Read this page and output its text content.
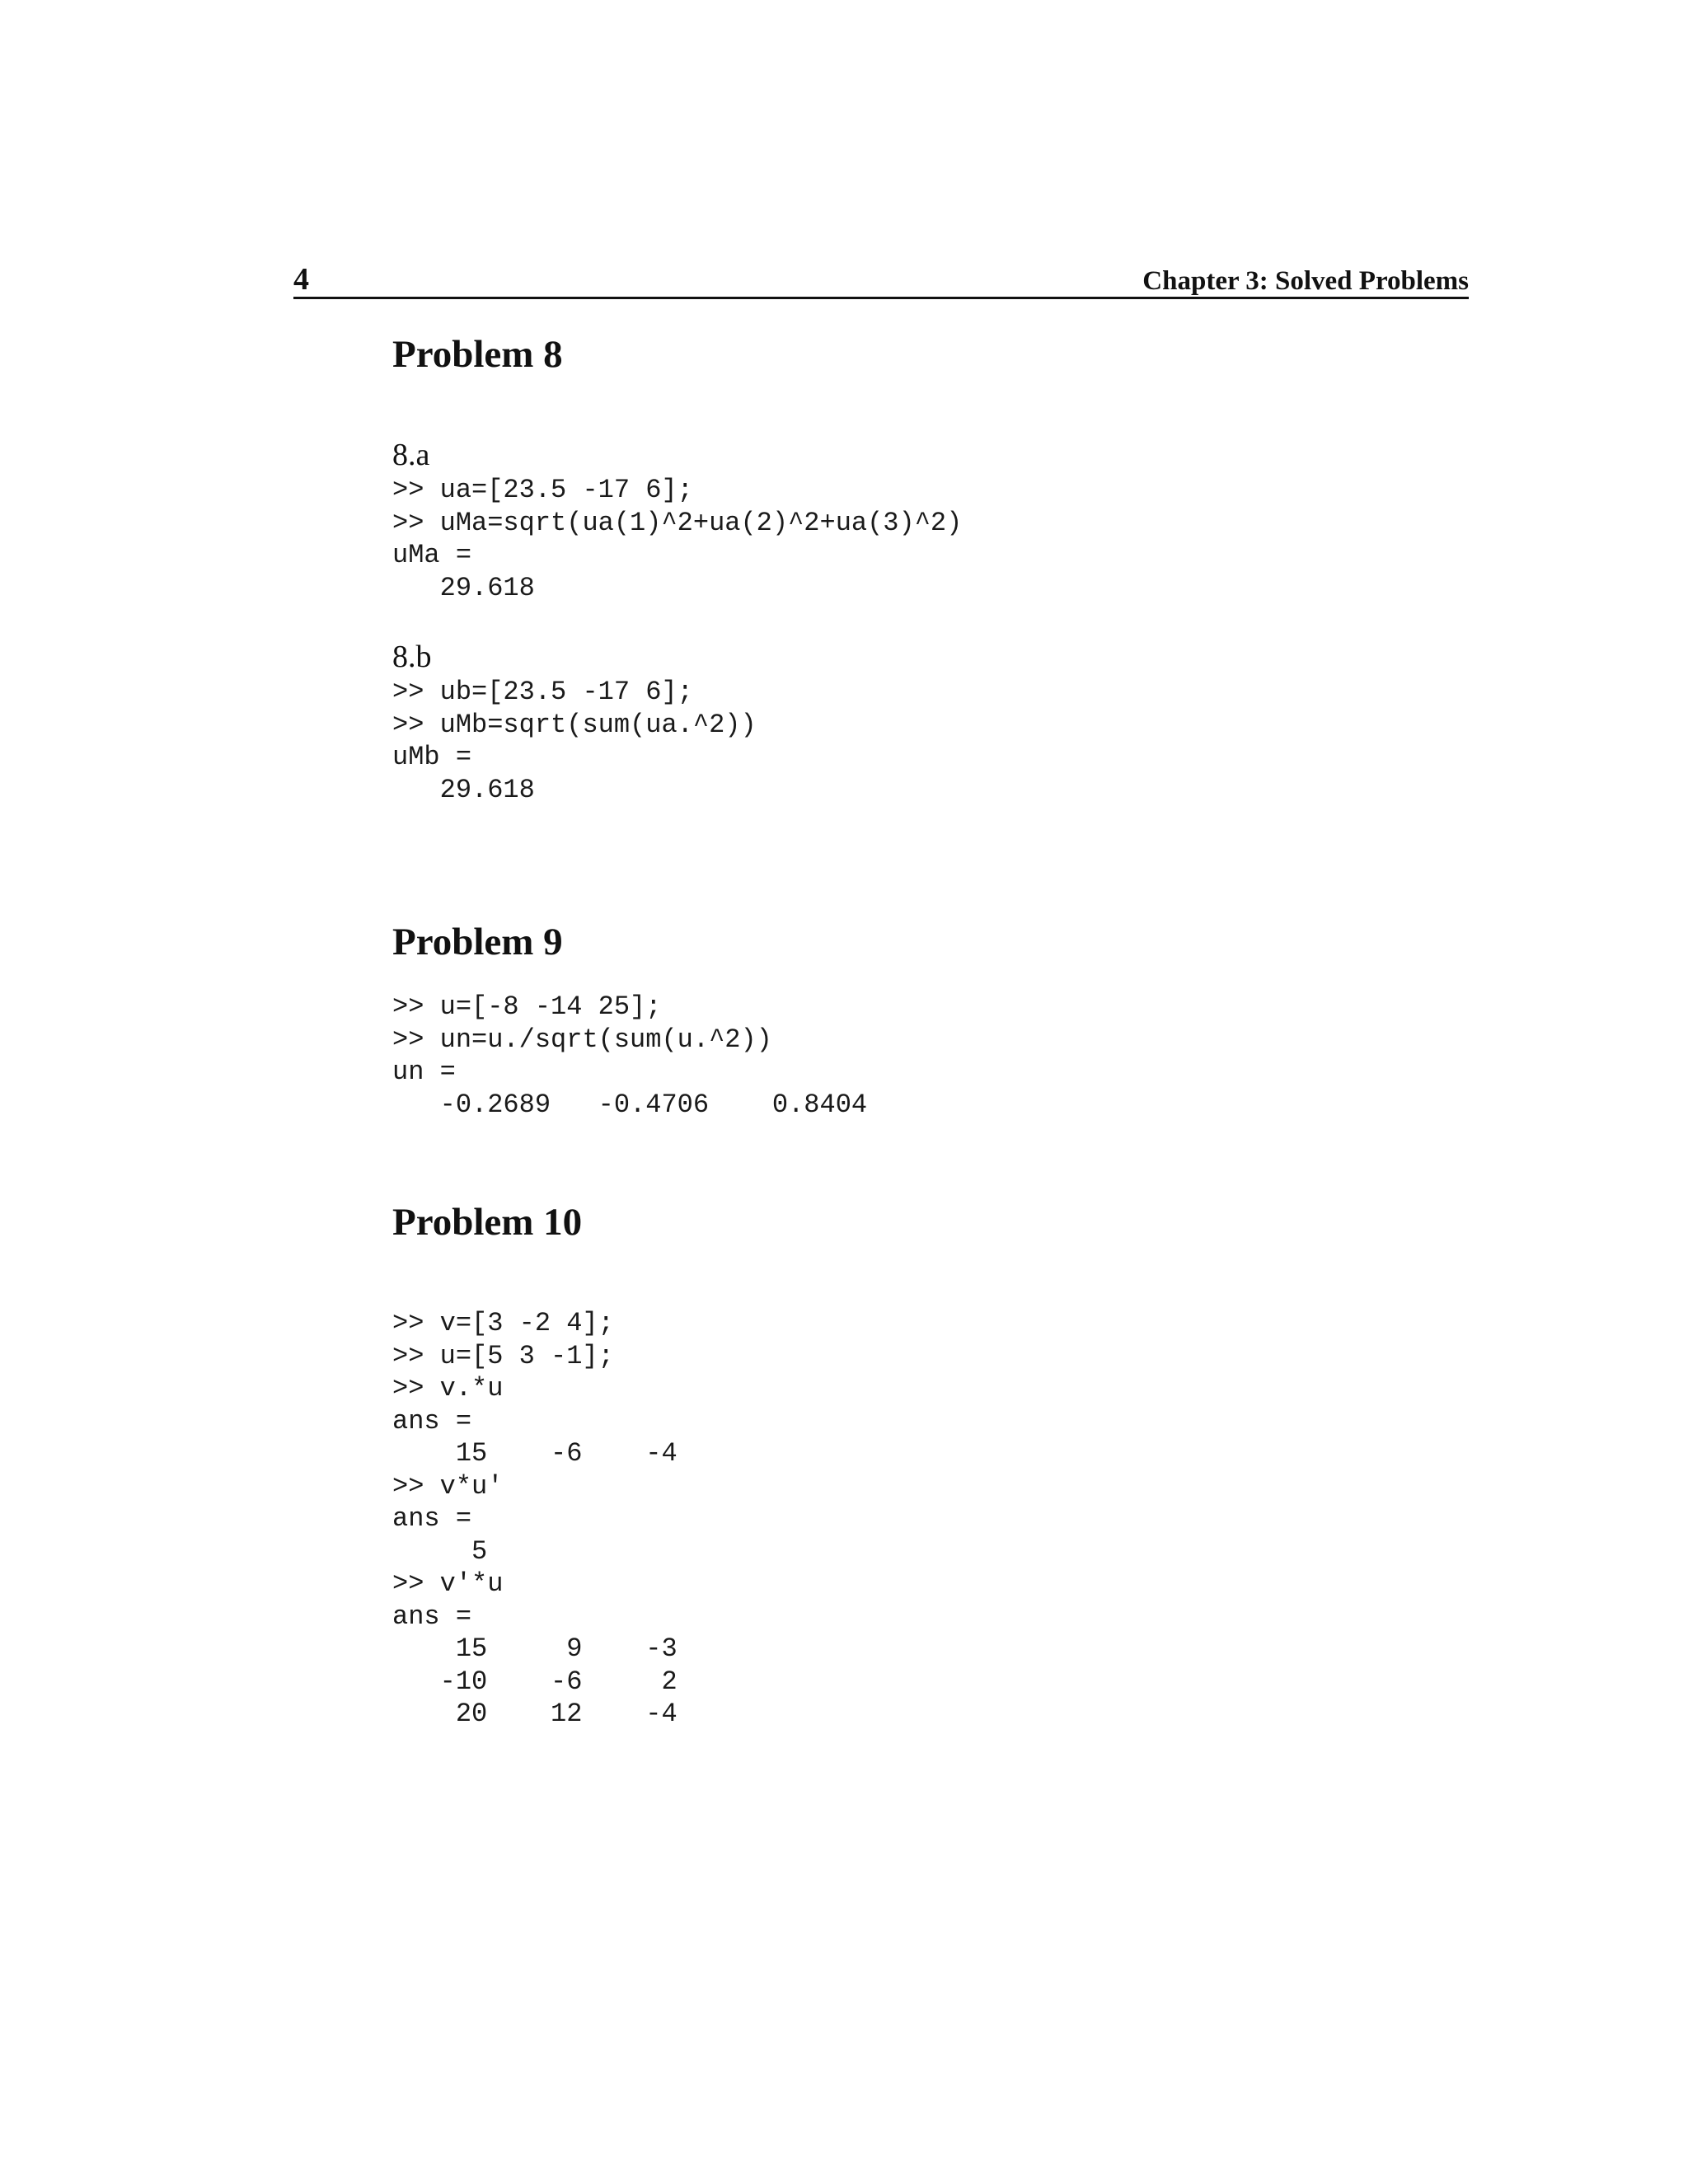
4	Chapter 3: Solved Problems
Problem 8
8.a
>> ua=[23.5 -17 6];
>> uMa=sqrt(ua(1)^2+ua(2)^2+ua(3)^2)
uMa =
29.618
8.b
>> ub=[23.5 -17 6];
>> uMb=sqrt(sum(ua.^2))
uMb =
29.618
Problem 9
>> u=[-8 -14 25];
>> un=u./sqrt(sum(u.^2))
un =
-0.2689   -0.4706    0.8404
Problem 10
>> v=[3 -2 4];
>> u=[5 3 -1];
>> v.*u
ans =
15    -6    -4
>> v*u'
ans =
5
>> v'*u
ans =
15     9    -3
-10    -6     2
20    12    -4
